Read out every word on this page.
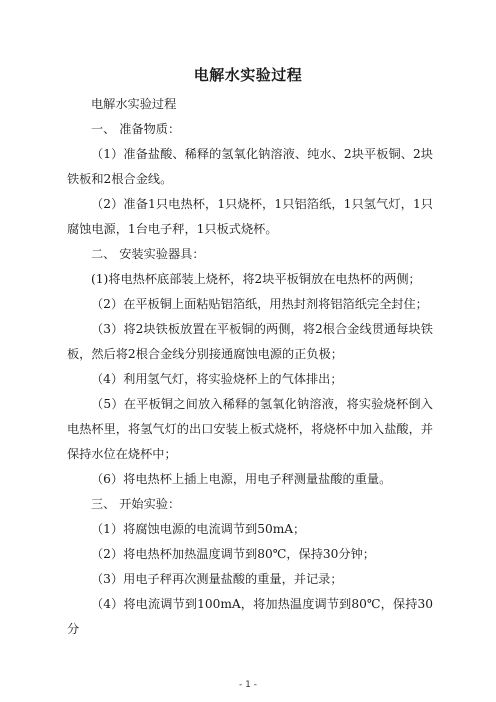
电解水实验过程

电解水实验过程

一、 准备物质：

（1）准备盐酸、稀释的氢氧化钠溶液、纯水、2块平板铜、2块铁板和2根合金线。

（2）准备1只电热杯，1只烧杯，1只铝箔纸，1只氢气灯，1只腐蚀电源，1台电子秤，1只板式烧杯。

二、 安装实验器具：

(1)将电热杯底部装上烧杯，将2块平板铜放在电热杯的两侧；

（2）在平板铜上面粘贴铝箔纸，用热封剂将铝箔纸完全封住；

（3）将2块铁板放置在平板铜的两侧，将2根合金线贯通每块铁板，然后将2根合金线分别接通腐蚀电源的正负极；

（4）利用氢气灯，将实验烧杯上的气体排出；

（5）在平板铜之间放入稀释的氢氧化钠溶液，将实验烧杯倒入电热杯里，将氢气灯的出口安装上板式烧杯，将烧杯中加入盐酸，并保持水位在烧杯中；

（6）将电热杯上插上电源，用电子秤测量盐酸的重量。

三、 开始实验：

（1）将腐蚀电源的电流调节到50mA；

（2）将电热杯加热温度调节到80℃，保持30分钟；

（3）用电子秤再次测量盐酸的重量，并记录；

（4）将电流调节到100mA，将加热温度调节到80℃，保持30分

- 1 -
